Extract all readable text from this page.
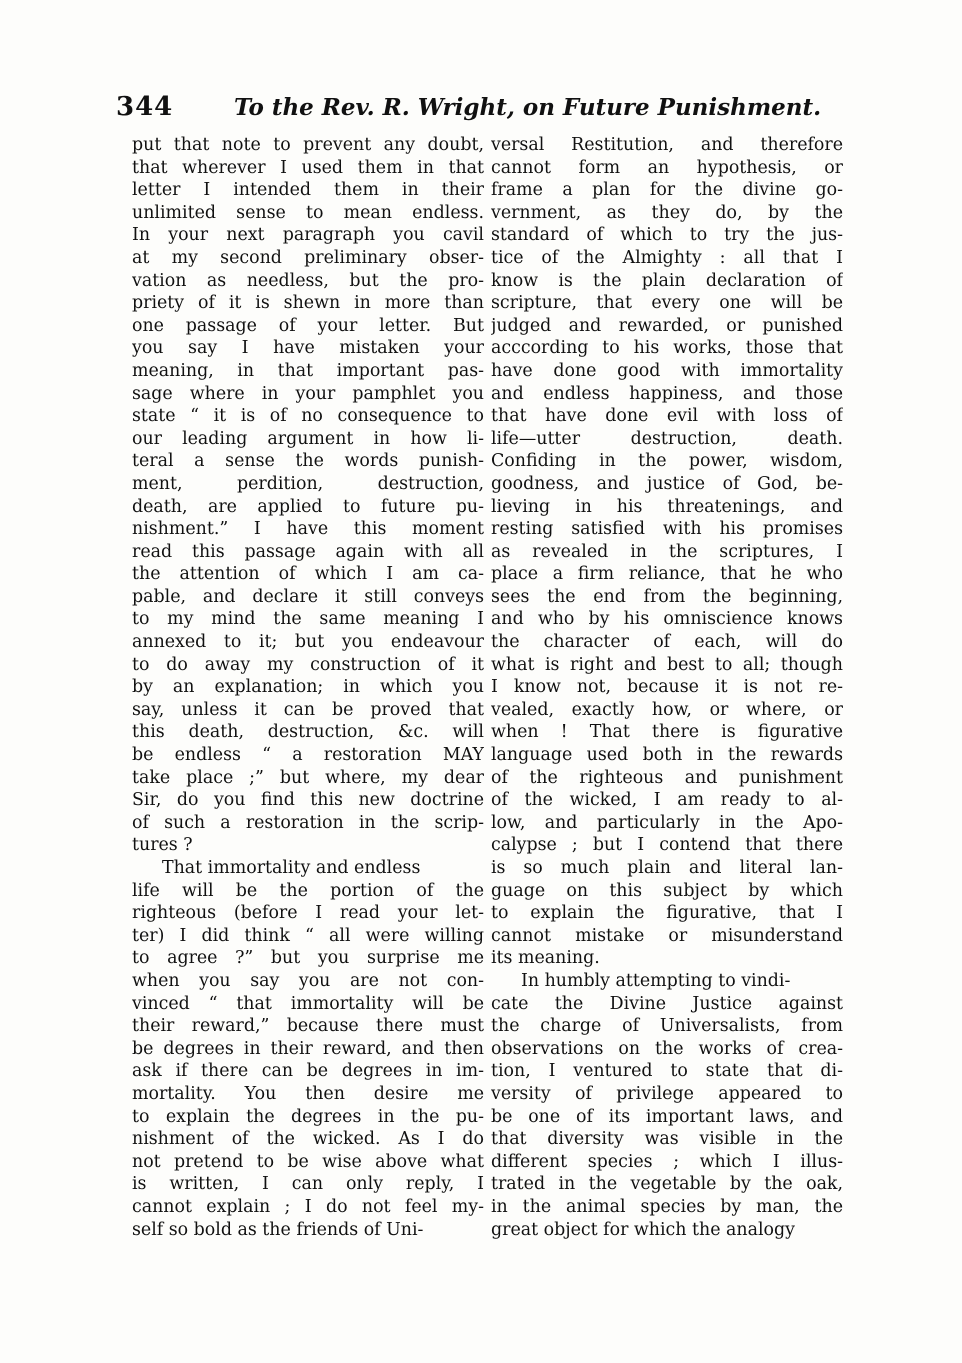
344	To the Rev. R. Wright, on Future Punishment.
put that note to prevent any doubt,
that wherever I used them in that
letter I intended them in their
unlimited sense to mean endless.
In your next paragraph you cavil
at my second preliminary obser-
vation as needless, but the pro-
priety of it is shewn in more than
one passage of your letter. But
you say I have mistaken your
meaning, in that important pas-
sage where in your pamphlet you
state “ it is of no consequence to
our leading argument in how li-
teral a sense the words punish-
ment, perdition, destruction,
death, are applied to future pu-
nishment.” I have this moment
read this passage again with all
the attention of which I am ca-
pable, and declare it still conveys
to my mind the same meaning I
annexed to it; but you endeavour
to do away my construction of it
by an explanation; in which you
say, unless it can be proved that
this death, destruction, &c. will
be endless “ a restoration MAY
take place ;” but where, my dear
Sir, do you find this new doctrine
of such a restoration in the scrip-
tures ?
That immortality and endless
life will be the portion of the
righteous (before I read your let-
ter) I did think “ all were willing
to agree ?” but you surprise me
when you say you are not con-
vinced “ that immortality will be
their reward,” because there must
be degrees in their reward, and then
ask if there can be degrees in im-
mortality. You then desire me
to explain the degrees in the pu-
nishment of the wicked. As I do
not pretend to be wise above what
is written, I can only reply, I
cannot explain ; I do not feel my-
self so bold as the friends of Uni-
versal Restitution, and therefore
cannot form an hypothesis, or
frame a plan for the divine go-
vernment, as they do, by the
standard of which to try the jus-
tice of the Almighty : all that I
know is the plain declaration of
scripture, that every one will be
judged and rewarded, or punished
acccording to his works, those that
have done good with immortality
and endless happiness, and those
that have done evil with loss of
life—utter destruction, death.
Confiding in the power, wisdom,
goodness, and justice of God, be-
lieving in his threatenings, and
resting satisfied with his promises
as revealed in the scriptures, I
place a firm reliance, that he who
sees the end from the beginning,
and who by his omniscience knows
the character of each, will do
what is right and best to all; though
I know not, because it is not re-
vealed, exactly how, or where, or
when ! That there is figurative
language used both in the rewards
of the righteous and punishment
of the wicked, I am ready to al-
low, and particularly in the Apo-
calypse ; but I contend that there
is so much plain and literal lan-
guage on this subject by which
to explain the figurative, that I
cannot mistake or misunderstand
its meaning.
In humbly attempting to vindi-
cate the Divine Justice against
the charge of Universalists, from
observations on the works of crea-
tion, I ventured to state that di-
versity of privilege appeared to
be one of its important laws, and
that diversity was visible in the
different species ; which I illus-
trated in the vegetable by the oak,
in the animal species by man, the
great object for which the analogy
